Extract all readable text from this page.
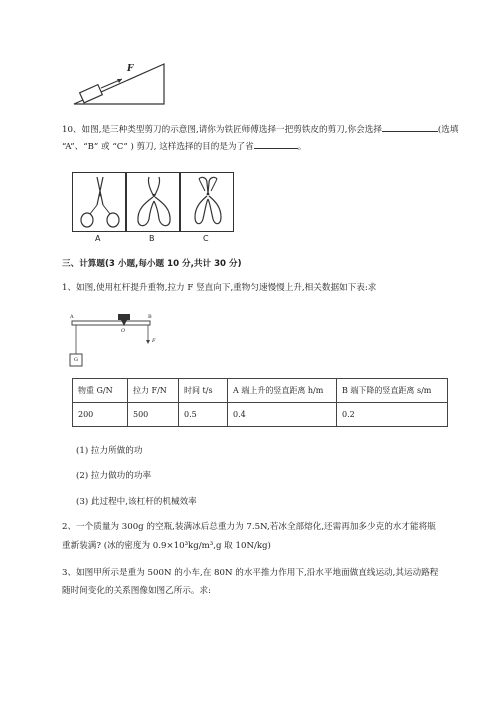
F
10、如图,是三种类型剪刀的示意图,请你为铁匠师傅选择一把剪铁皮的剪刀,你会选择	(选填
“A”、“B” 或 “C” ) 剪刀, 这样选择的目的是为了省	。
A	B	C
三、计算题(3 小题,每小题 10 分,共计 30 分)
1、如图,使用杠杆提升重物,拉力 F 竖直向下,重物匀速慢慢上升,相关数据如下表:求
A	B
O
F
G
物重 G/N	拉力 F/N	时间 t/s	A 端上升的竖直距离 h/m	B 端下降的竖直距离 s/m
200	500	0.5	0.4	0.2
(1) 拉力所做的功
(2) 拉力做功的功率
(3) 此过程中,该杠杆的机械效率
2、一个质量为 300g 的空瓶,装满冰后总重力为 7.5N,若冰全部熔化,还需再加多少克的水才能将瓶
重新装满? (冰的密度为 0.9×10³kg/m³,g 取 10N/kg)
3、如图甲所示是重为 500N 的小车,在 80N 的水平推力作用下,沿水平地面做直线运动,其运动路程
随时间变化的关系图像如图乙所示。求:
